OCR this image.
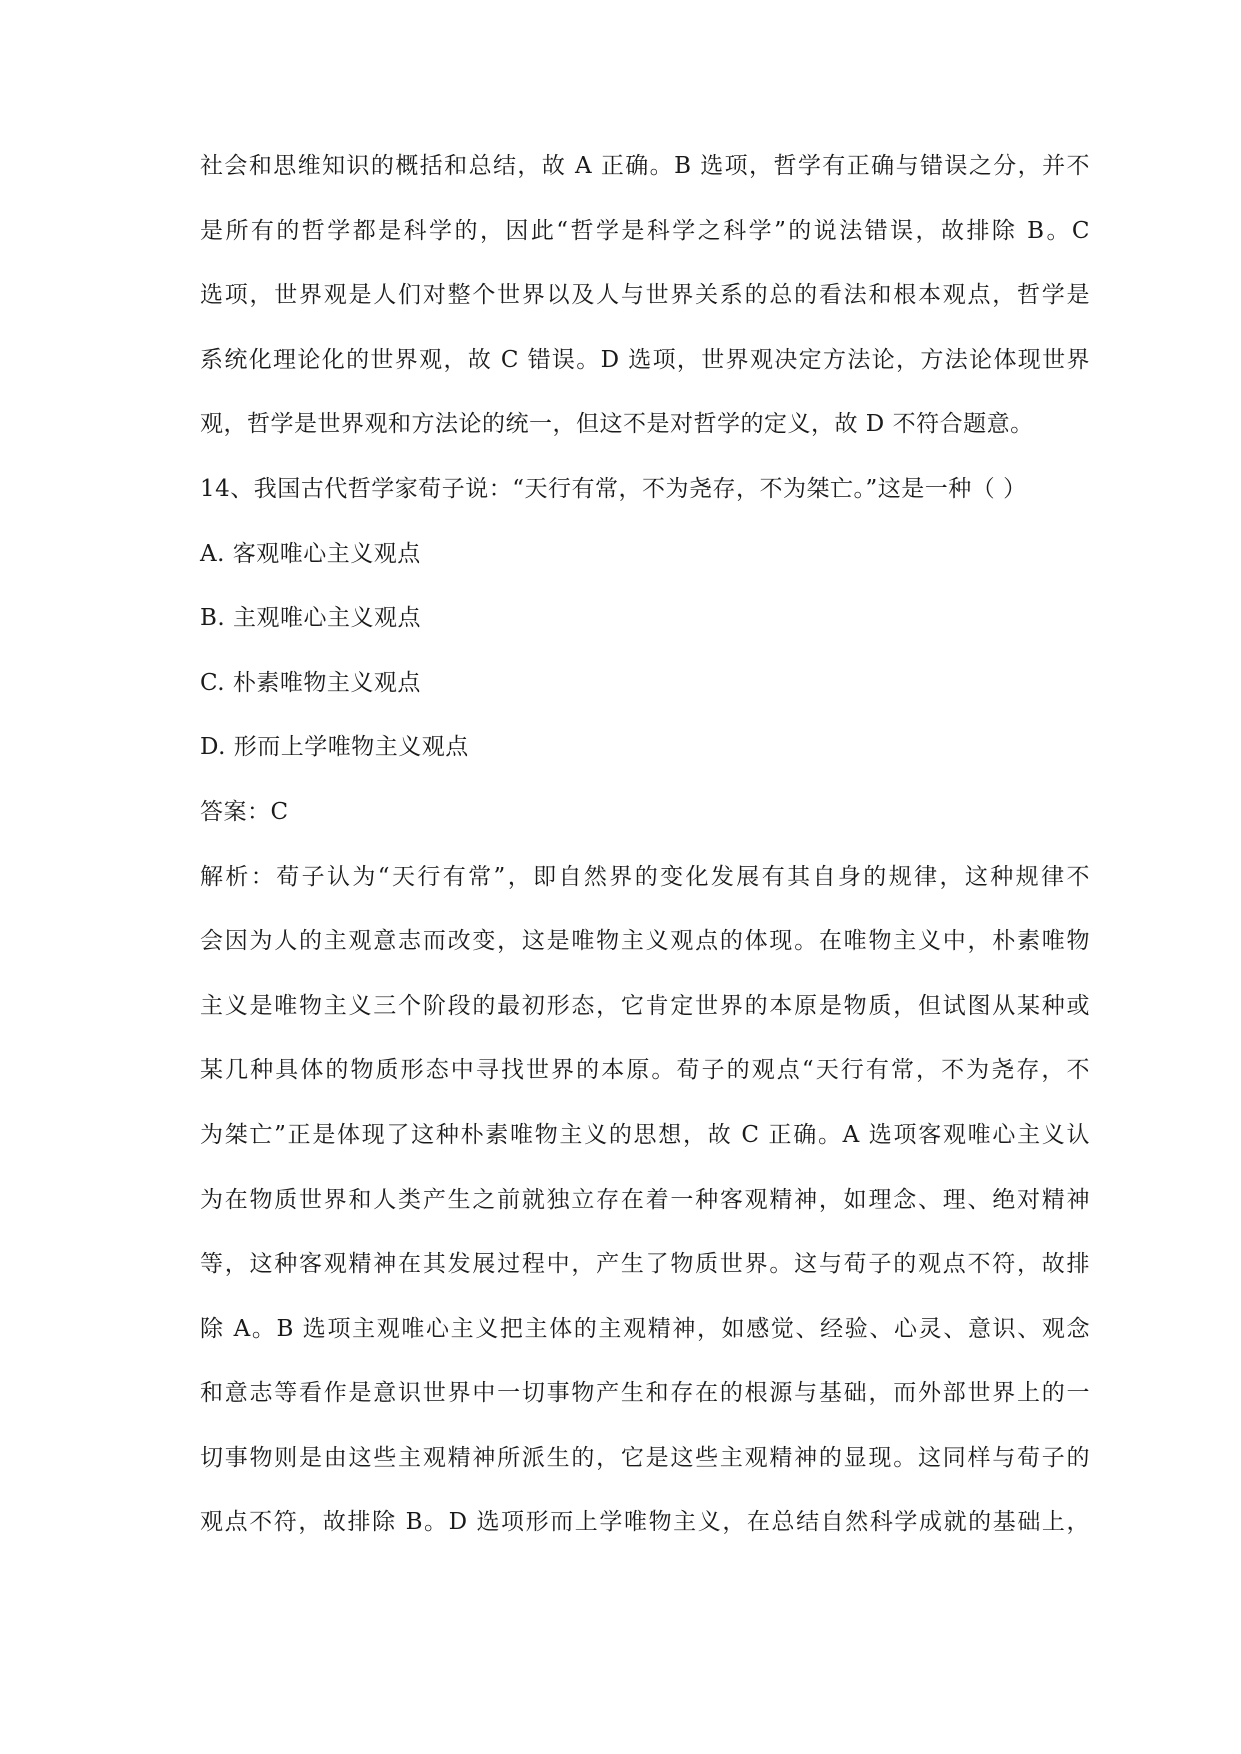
社会和思维知识的概括和总结，故 A 正确。B 选项，哲学有正确与错误之分，并不
是所有的哲学都是科学的，因此“哲学是科学之科学”的说法错误，故排除 B。C
选项，世界观是人们对整个世界以及人与世界关系的总的看法和根本观点，哲学是
系统化理论化的世界观，故 C 错误。D 选项，世界观决定方法论，方法论体现世界
观，哲学是世界观和方法论的统一，但这不是对哲学的定义，故 D 不符合题意。
14、我国古代哲学家荀子说：“天行有常，不为尧存，不为桀亡。”这是一种（ ）
A. 客观唯心主义观点
B. 主观唯心主义观点
C. 朴素唯物主义观点
D. 形而上学唯物主义观点
答案：C
解析：荀子认为“天行有常”，即自然界的变化发展有其自身的规律，这种规律不
会因为人的主观意志而改变，这是唯物主义观点的体现。在唯物主义中，朴素唯物
主义是唯物主义三个阶段的最初形态，它肯定世界的本原是物质，但试图从某种或
某几种具体的物质形态中寻找世界的本原。荀子的观点“天行有常，不为尧存，不
为桀亡”正是体现了这种朴素唯物主义的思想，故 C 正确。A 选项客观唯心主义认
为在物质世界和人类产生之前就独立存在着一种客观精神，如理念、理、绝对精神
等，这种客观精神在其发展过程中，产生了物质世界。这与荀子的观点不符，故排
除 A。B 选项主观唯心主义把主体的主观精神，如感觉、经验、心灵、意识、观念
和意志等看作是意识世界中一切事物产生和存在的根源与基础，而外部世界上的一
切事物则是由这些主观精神所派生的，它是这些主观精神的显现。这同样与荀子的
观点不符，故排除 B。D 选项形而上学唯物主义，在总结自然科学成就的基础上，
